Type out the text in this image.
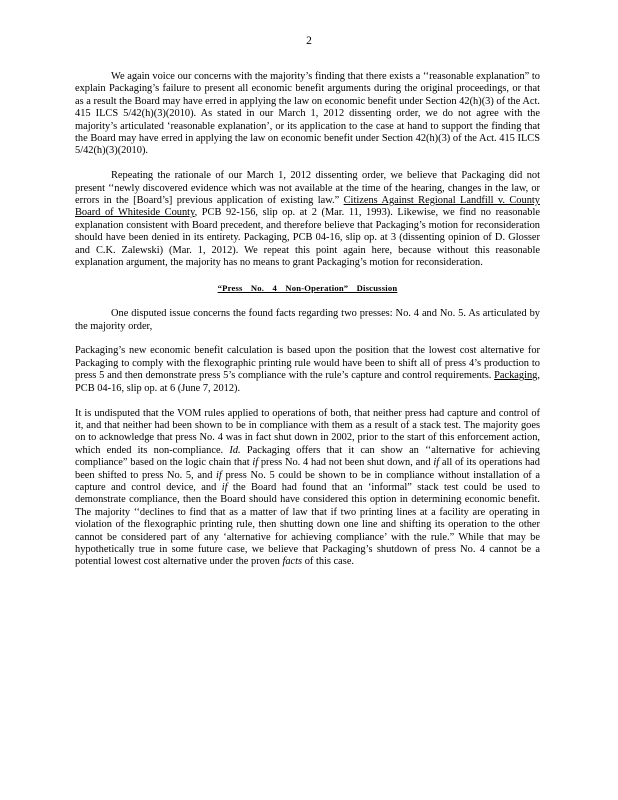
2

We again voice our concerns with the majority’s finding that there exists a ‘‘reasonable explanation” to explain Packaging’s failure to present all economic benefit arguments during the original proceedings, or that as a result the Board may have erred in applying the law on economic benefit under Section 42(h)(3) of the Act. 415 ILCS 5/42(h)(3)(2010). As stated in our March 1, 2012 dissenting order, we do not agree with the majority’s articulated ‘reasonable explanation’, or its application to the case at hand to support the finding that the Board may have erred in applying the law on economic benefit under Section 42(h)(3) of the Act. 415 ILCS 5/42(h)(3)(2010).

Repeating the rationale of our March 1, 2012 dissenting order, we believe that Packaging did not present ‘‘newly discovered evidence which was not available at the time of the hearing, changes in the law, or errors in the [Board’s] previous application of existing law.” Citizens Against Regional Landfill v. County Board of Whiteside County, PCB 92-156, slip op. at 2 (Mar. 11, 1993). Likewise, we find no reasonable explanation consistent with Board precedent, and therefore believe that Packaging’s motion for reconsideration should have been denied in its entirety. Packaging, PCB 04-16, slip op. at 3 (dissenting opinion of D. Glosser and C.K. Zalewski) (Mar. 1, 2012). We repeat this point again here, because without this reasonable explanation argument, the majority has no means to grant Packaging’s motion for reconsideration.

“Press No. 4 Non-Operation” Discussion

One disputed issue concerns the found facts regarding two presses: No. 4 and No. 5. As articulated by the majority order,

Packaging’s new economic benefit calculation is based upon the position that the lowest cost alternative for Packaging to comply with the flexographic printing rule would have been to shift all of press 4’s production to press 5 and then demonstrate press 5’s compliance with the rule’s capture and control requirements. Packaging, PCB 04-16, slip op. at 6 (June 7, 2012).

It is undisputed that the VOM rules applied to operations of both, that neither press had capture and control of it, and that neither had been shown to be in compliance with them as a result of a stack test. The majority goes on to acknowledge that press No. 4 was in fact shut down in 2002, prior to the start of this enforcement action, which ended its non-compliance. Id. Packaging offers that it can show an ‘‘alternative for achieving compliance” based on the logic chain that if press No. 4 had not been shut down, and if all of its operations had been shifted to press No. 5, and if press No. 5 could be shown to be in compliance without installation of a capture and control device, and if the Board had found that an ‘informal” stack test could be used to demonstrate compliance, then the Board should have considered this option in determining economic benefit. The majority ‘‘declines to find that as a matter of law that if two printing lines at a facility are operating in violation of the flexographic printing rule, then shutting down one line and shifting its operation to the other cannot be considered part of any ‘alternative for achieving compliance’ with the rule.” While that may be hypothetically true in some future case, we believe that Packaging’s shutdown of press No. 4 cannot be a potential lowest cost alternative under the proven facts of this case.
